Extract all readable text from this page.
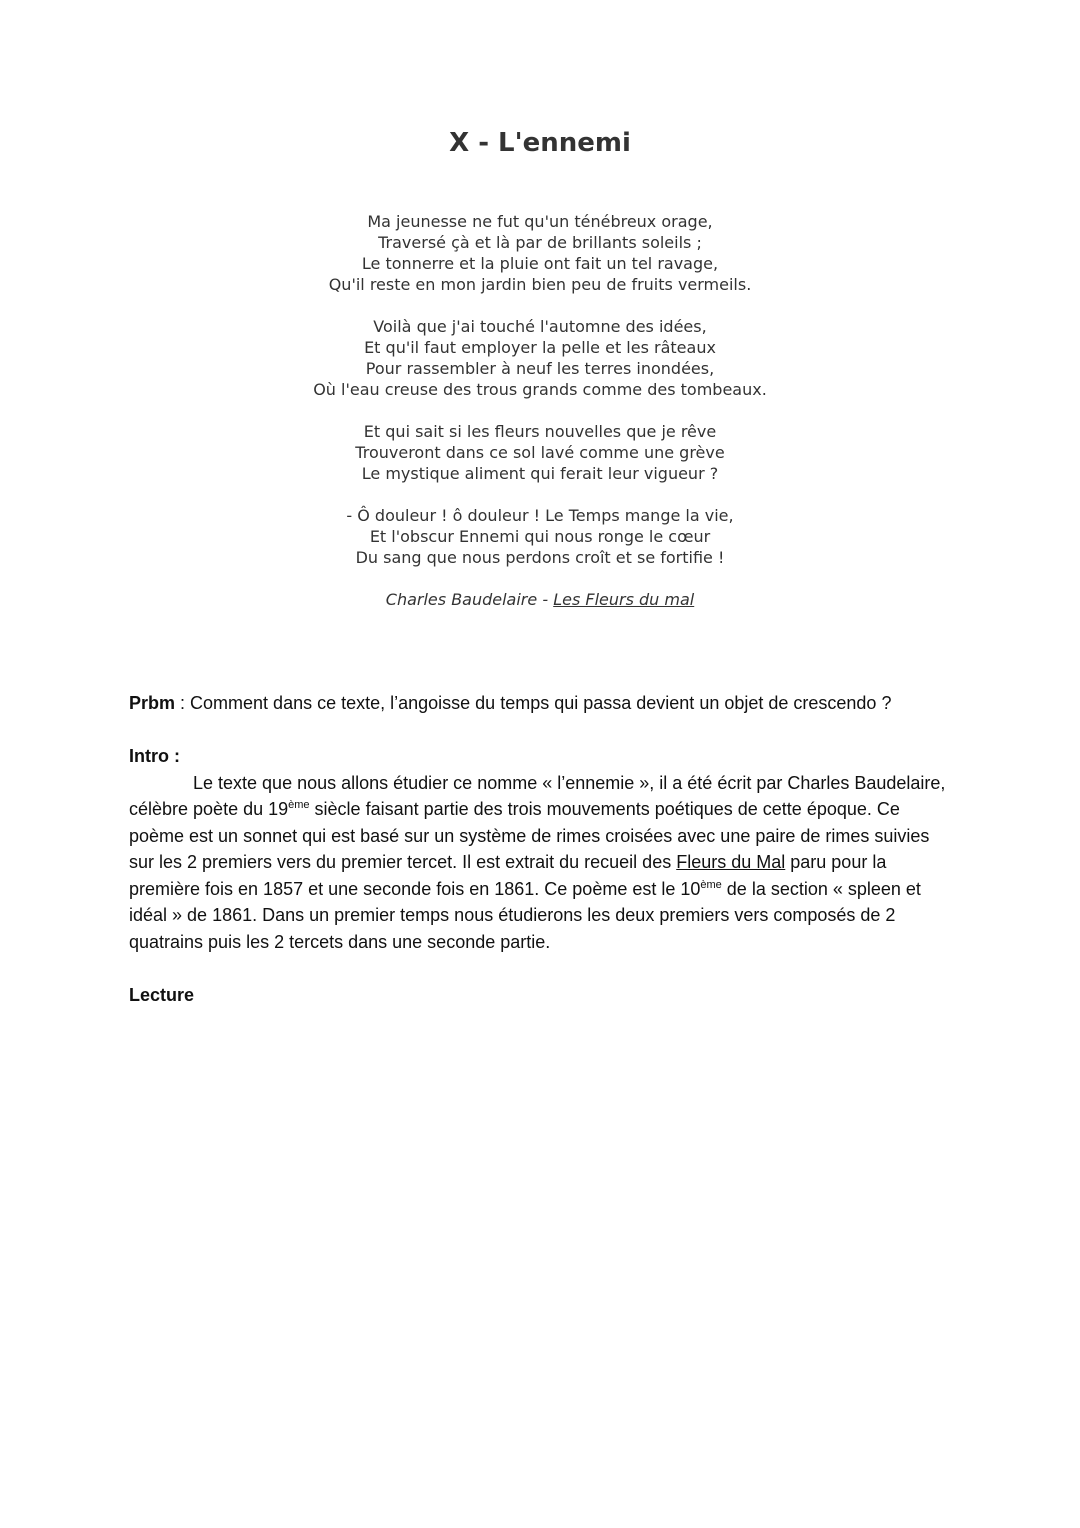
X - L'ennemi
Ma jeunesse ne fut qu'un ténébreux orage,
Traversé çà et là par de brillants soleils ;
Le tonnerre et la pluie ont fait un tel ravage,
Qu'il reste en mon jardin bien peu de fruits vermeils.
Voilà que j'ai touché l'automne des idées,
Et qu'il faut employer la pelle et les râteaux
Pour rassembler à neuf les terres inondées,
Où l'eau creuse des trous grands comme des tombeaux.
Et qui sait si les fleurs nouvelles que je rêve
Trouveront dans ce sol lavé comme une grève
Le mystique aliment qui ferait leur vigueur ?
- Ô douleur ! ô douleur ! Le Temps mange la vie,
Et l'obscur Ennemi qui nous ronge le cœur
Du sang que nous perdons croît et se fortifie !
Charles Baudelaire - Les Fleurs du mal

Prbm : Comment dans ce texte, l’angoisse du temps qui passa devient un objet de crescendo ?

Intro :

Le texte que nous allons étudier ce nomme « l’ennemie », il a été écrit par Charles Baudelaire, célèbre poète du 19ème siècle faisant partie des trois mouvements poétiques de cette époque. Ce poème est un sonnet qui est basé sur un système de rimes croisées avec une paire de rimes suivies sur les 2 premiers vers du premier tercet. Il est extrait du recueil des Fleurs du Mal paru pour la première fois en 1857 et une seconde fois en 1861. Ce poème est le 10ème de la section « spleen et idéal » de 1861. Dans un premier temps nous étudierons les deux premiers vers composés de 2 quatrains puis les 2 tercets dans une seconde partie.

Lecture
